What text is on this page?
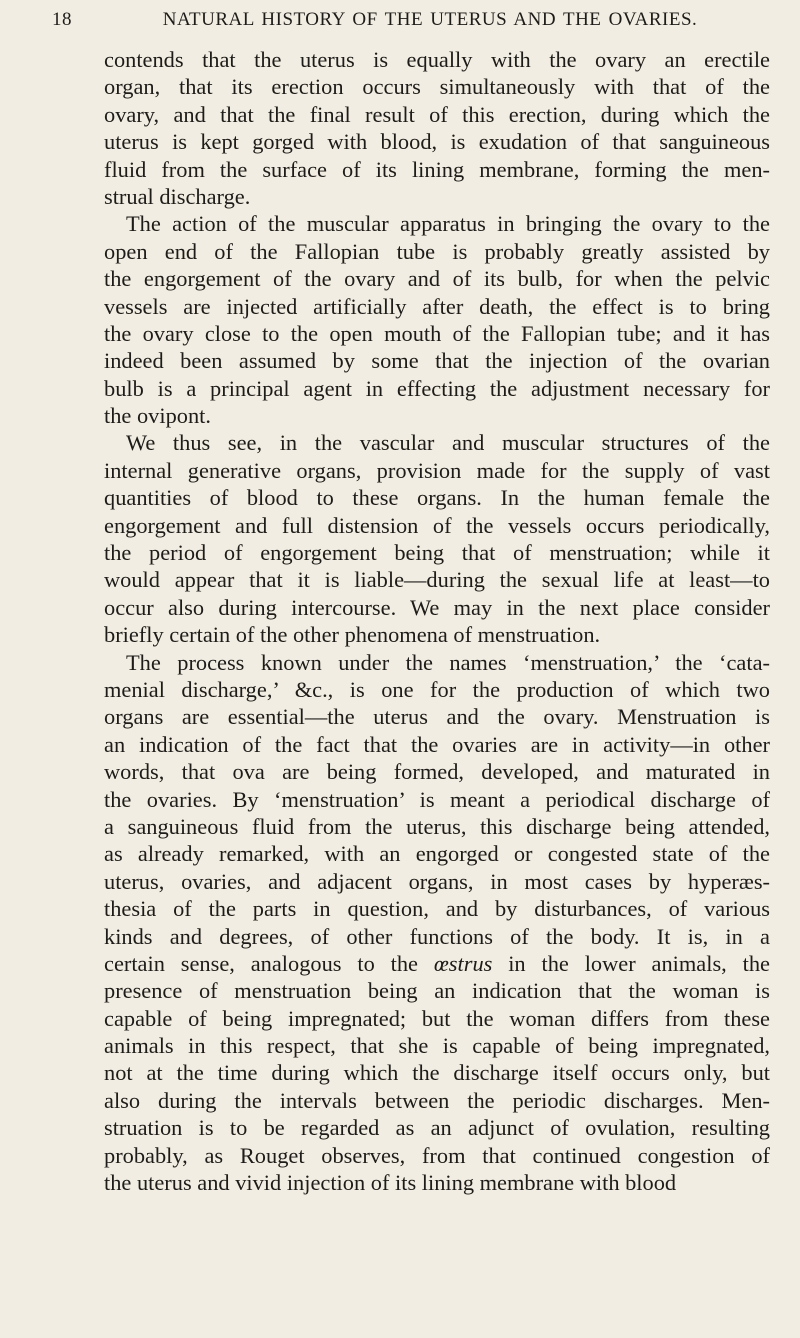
18	NATURAL HISTORY OF THE UTERUS AND THE OVARIES.
contends that the uterus is equally with the ovary an erectile
organ, that its erection occurs simultaneously with that of the
ovary, and that the final result of this erection, during which the
uterus is kept gorged with blood, is exudation of that sanguineous
fluid from the surface of its lining membrane, forming the men-
strual discharge.
The action of the muscular apparatus in bringing the ovary to the
open end of the Fallopian tube is probably greatly assisted by
the engorgement of the ovary and of its bulb, for when the pelvic
vessels are injected artificially after death, the effect is to bring
the ovary close to the open mouth of the Fallopian tube; and it has
indeed been assumed by some that the injection of the ovarian
bulb is a principal agent in effecting the adjustment necessary for
the ovipont.
We thus see, in the vascular and muscular structures of the
internal generative organs, provision made for the supply of vast
quantities of blood to these organs. In the human female the
engorgement and full distension of the vessels occurs periodically,
the period of engorgement being that of menstruation; while it
would appear that it is liable—during the sexual life at least—to
occur also during intercourse. We may in the next place consider
briefly certain of the other phenomena of menstruation.
The process known under the names ‘menstruation,’ the ‘cata-
menial discharge,’ &c., is one for the production of which two
organs are essential—the uterus and the ovary. Menstruation is
an indication of the fact that the ovaries are in activity—in other
words, that ova are being formed, developed, and maturated in
the ovaries. By ‘menstruation’ is meant a periodical discharge of
a sanguineous fluid from the uterus, this discharge being attended,
as already remarked, with an engorged or congested state of the
uterus, ovaries, and adjacent organs, in most cases by hyperæs-
thesia of the parts in question, and by disturbances, of various
kinds and degrees, of other functions of the body. It is, in a
certain sense, analogous to the œstrus in the lower animals, the
presence of menstruation being an indication that the woman is
capable of being impregnated; but the woman differs from these
animals in this respect, that she is capable of being impregnated,
not at the time during which the discharge itself occurs only, but
also during the intervals between the periodic discharges. Men-
struation is to be regarded as an adjunct of ovulation, resulting
probably, as Rouget observes, from that continued congestion of
the uterus and vivid injection of its lining membrane with blood
